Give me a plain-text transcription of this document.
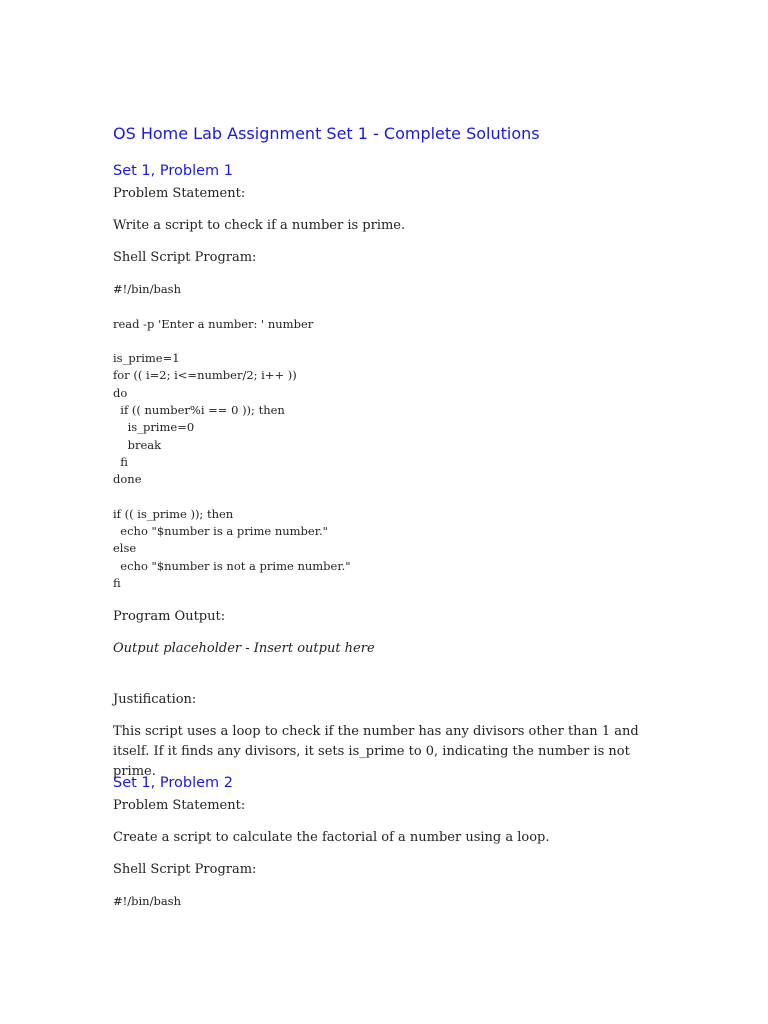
OS Home Lab Assignment Set 1 - Complete Solutions
Set 1, Problem 1
Problem Statement:
Write a script to check if a number is prime.
Shell Script Program:
#!/bin/bash

read -p 'Enter a number: ' number

is_prime=1
for (( i=2; i<=number/2; i++ ))
do
if (( number%i == 0 )); then
is_prime=0
break
fi
done

if (( is_prime )); then
echo "$number is a prime number."
else
echo "$number is not a prime number."
fi
Program Output:
Output placeholder - Insert output here
Justification:
This script uses a loop to check if the number has any divisors other than 1 and itself. If it finds any divisors, it sets is_prime to 0, indicating the number is not prime.
Set 1, Problem 2
Problem Statement:
Create a script to calculate the factorial of a number using a loop.
Shell Script Program:
#!/bin/bash
